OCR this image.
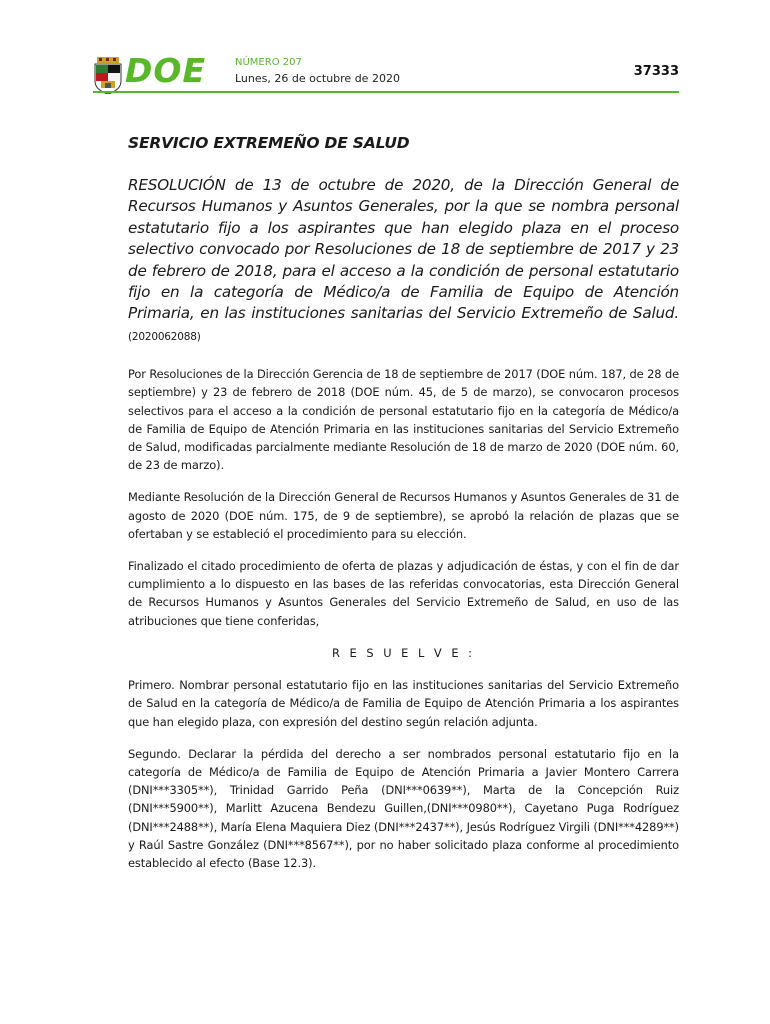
DOE	NÚMERO 207
Lunes, 26 de octubre de 2020	37333
SERVICIO EXTREMEÑO DE SALUD
RESOLUCIÓN de 13 de octubre de 2020, de la Dirección General de Recursos Humanos y Asuntos Generales, por la que se nombra personal estatutario fijo a los aspirantes que han elegido plaza en el proceso selectivo convocado por Resoluciones de 18 de septiembre de 2017 y 23 de febrero de 2018, para el acceso a la condición de personal estatutario fijo en la categoría de Médico/a de Familia de Equipo de Atención Primaria, en las instituciones sanitarias del Servicio Extremeño de Salud. (2020062088)

Por Resoluciones de la Dirección Gerencia de 18 de septiembre de 2017 (DOE núm. 187, de 28 de septiembre) y 23 de febrero de 2018 (DOE núm. 45, de 5 de marzo), se convocaron procesos selectivos para el acceso a la condición de personal estatutario fijo en la categoría de Médico/a de Familia de Equipo de Atención Primaria en las instituciones sanitarias del Servicio Extremeño de Salud, modificadas parcialmente mediante Resolución de 18 de marzo de 2020 (DOE núm. 60, de 23 de marzo).

Mediante Resolución de la Dirección General de Recursos Humanos y Asuntos Generales de 31 de agosto de 2020 (DOE núm. 175, de 9 de septiembre), se aprobó la relación de plazas que se ofertaban y se estableció el procedimiento para su elección.

Finalizado el citado procedimiento de oferta de plazas y adjudicación de éstas, y con el fin de dar cumplimiento a lo dispuesto en las bases de las referidas convocatorias, esta Dirección General de Recursos Humanos y Asuntos Generales del Servicio Extremeño de Salud, en uso de las atribuciones que tiene conferidas,

R E S U E L V E :

Primero. Nombrar personal estatutario fijo en las instituciones sanitarias del Servicio Extremeño de Salud en la categoría de Médico/a de Familia de Equipo de Atención Primaria a los aspirantes que han elegido plaza, con expresión del destino según relación adjunta.

Segundo. Declarar la pérdida del derecho a ser nombrados personal estatutario fijo en la categoría de Médico/a de Familia de Equipo de Atención Primaria a Javier Montero Carrera (DNI***3305**), Trinidad Garrido Peña (DNI***0639**), Marta de la Concepción Ruiz (DNI***5900**), Marlitt Azucena Bendezu Guillen,(DNI***0980**), Cayetano Puga Rodríguez (DNI***2488**), María Elena Maquiera Diez (DNI***2437**), Jesús Rodríguez Virgili (DNI***4289**) y Raúl Sastre González (DNI***8567**), por no haber solicitado plaza conforme al procedimiento establecido al efecto (Base 12.3).
